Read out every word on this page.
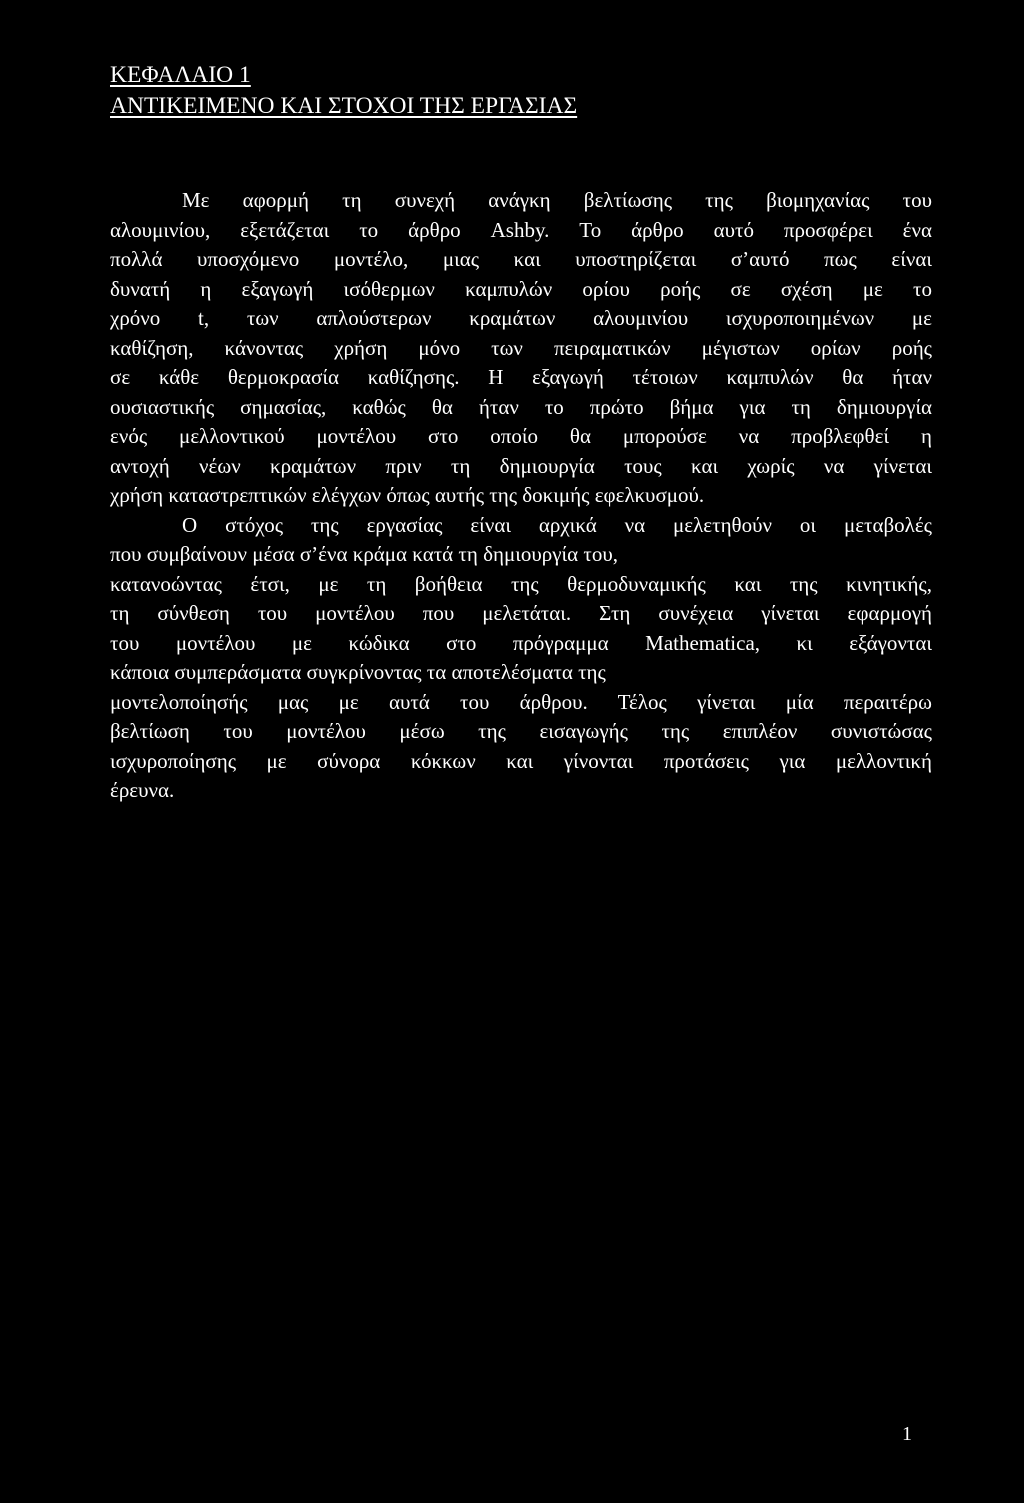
ΚΕΦΑΛΑΙΟ 1
ΑΝΤΙΚΕΙΜΕΝΟ ΚΑΙ ΣΤΟΧΟΙ ΤΗΣ ΕΡΓΑΣΙΑΣ
Με αφορμή τη συνεχή ανάγκη βελτίωσης της βιομηχανίας του
αλουμινίου, εξετάζεται το άρθρο Ashby. Το άρθρο αυτό προσφέρει ένα
πολλά υποσχόμενο μοντέλο, μιας και υποστηρίζεται σ’αυτό πως είναι
δυνατή η εξαγωγή ισόθερμων καμπυλών ορίου ροής σε σχέση με το
χρόνο t, των απλούστερων κραμάτων αλουμινίου ισχυροποιημένων με
καθίζηση, κάνοντας χρήση μόνο των πειραματικών μέγιστων ορίων ροής
σε κάθε θερμοκρασία καθίζησης. Η εξαγωγή τέτοιων καμπυλών θα ήταν
ουσιαστικής σημασίας, καθώς θα ήταν το πρώτο βήμα για τη δημιουργία
ενός μελλοντικού μοντέλου στο οποίο θα μπορούσε να προβλεφθεί η
αντοχή νέων κραμάτων πριν τη δημιουργία τους και χωρίς να γίνεται
χρήση καταστρεπτικών ελέγχων όπως αυτής της δοκιμής εφελκυσμού.
Ο στόχος της εργασίας είναι αρχικά να μελετηθούν οι μεταβολές
που συμβαίνουν μέσα σ’ένα κράμα κατά τη δημιουργία του,
κατανοώντας έτσι, με τη βοήθεια της θερμοδυναμικής και της κινητικής,
τη σύνθεση του μοντέλου που μελετάται. Στη συνέχεια γίνεται εφαρμογή
του μοντέλου με κώδικα στο πρόγραμμα Mathematica, κι εξάγονται
κάποια συμπεράσματα συγκρίνοντας τα αποτελέσματα της
μοντελοποίησής μας με αυτά του άρθρου. Τέλος γίνεται μία περαιτέρω
βελτίωση του μοντέλου μέσω της εισαγωγής της επιπλέον συνιστώσας
ισχυροποίησης με σύνορα κόκκων και γίνονται προτάσεις για μελλοντική
έρευνα.
1
